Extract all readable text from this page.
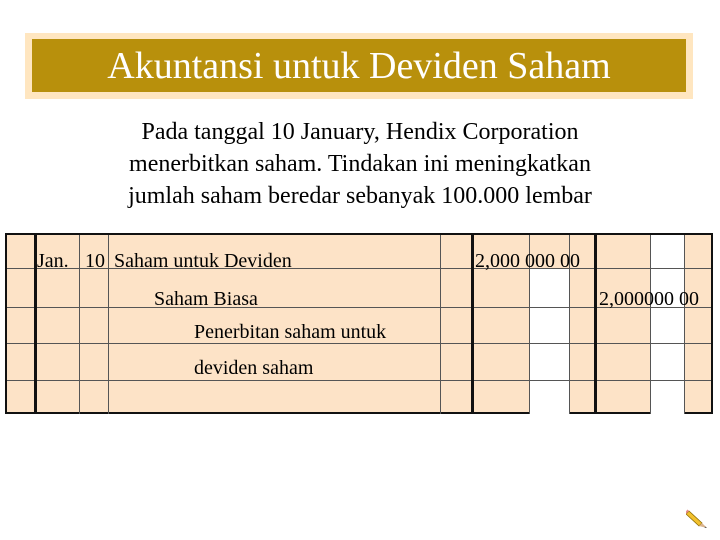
Akuntansi untuk Deviden Saham
Pada tanggal 10 January, Hendix Corporation
menerbitkan saham. Tindakan ini meningkatkan
jumlah saham beredar sebanyak 100.000 lembar
Jan. 10 Saham untuk Deviden	2,000 000 00
Saham Biasa	2,000000 00
Penerbitan saham untuk
deviden saham
